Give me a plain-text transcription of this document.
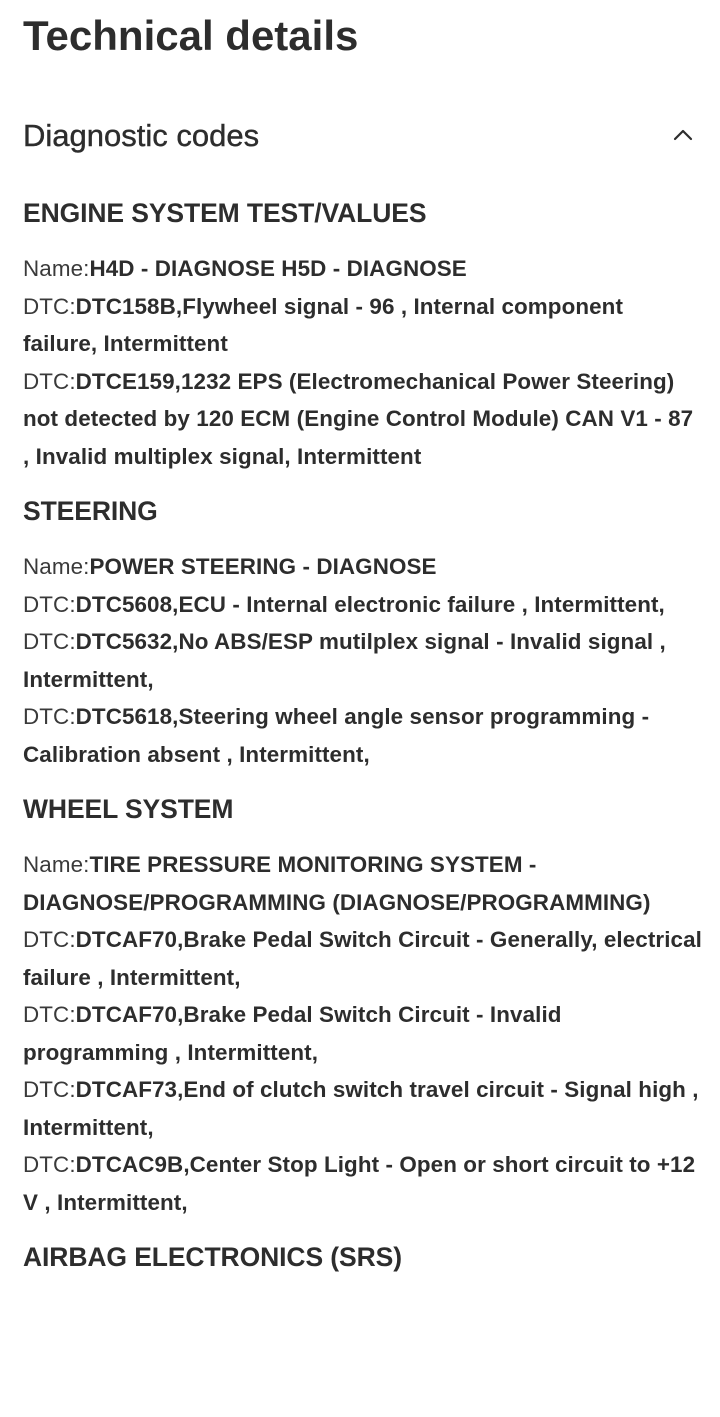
Technical details
Diagnostic codes
ENGINE SYSTEM TEST/VALUES

Name:H4D - DIAGNOSE H5D - DIAGNOSE

DTC:DTC158B,Flywheel signal - 96 , Internal component failure, Intermittent

DTC:DTCE159,1232 EPS (Electromechanical Power Steering) not detected by 120 ECM (Engine Control Module) CAN V1 - 87 , Invalid multiplex signal, Intermittent

STEERING

Name:POWER STEERING - DIAGNOSE

DTC:DTC5608,ECU - Internal electronic failure , Intermittent,

DTC:DTC5632,No ABS/ESP mutilplex signal - Invalid signal , Intermittent,

DTC:DTC5618,Steering wheel angle sensor programming - Calibration absent , Intermittent,

WHEEL SYSTEM

Name:TIRE PRESSURE MONITORING SYSTEM - DIAGNOSE/PROGRAMMING (DIAGNOSE/PROGRAMMING)

DTC:DTCAF70,Brake Pedal Switch Circuit - Generally, electrical failure , Intermittent,

DTC:DTCAF70,Brake Pedal Switch Circuit - Invalid programming , Intermittent,

DTC:DTCAF73,End of clutch switch travel circuit - Signal high , Intermittent,

DTC:DTCAC9B,Center Stop Light - Open or short circuit to +12 V , Intermittent,

AIRBAG ELECTRONICS (SRS)
